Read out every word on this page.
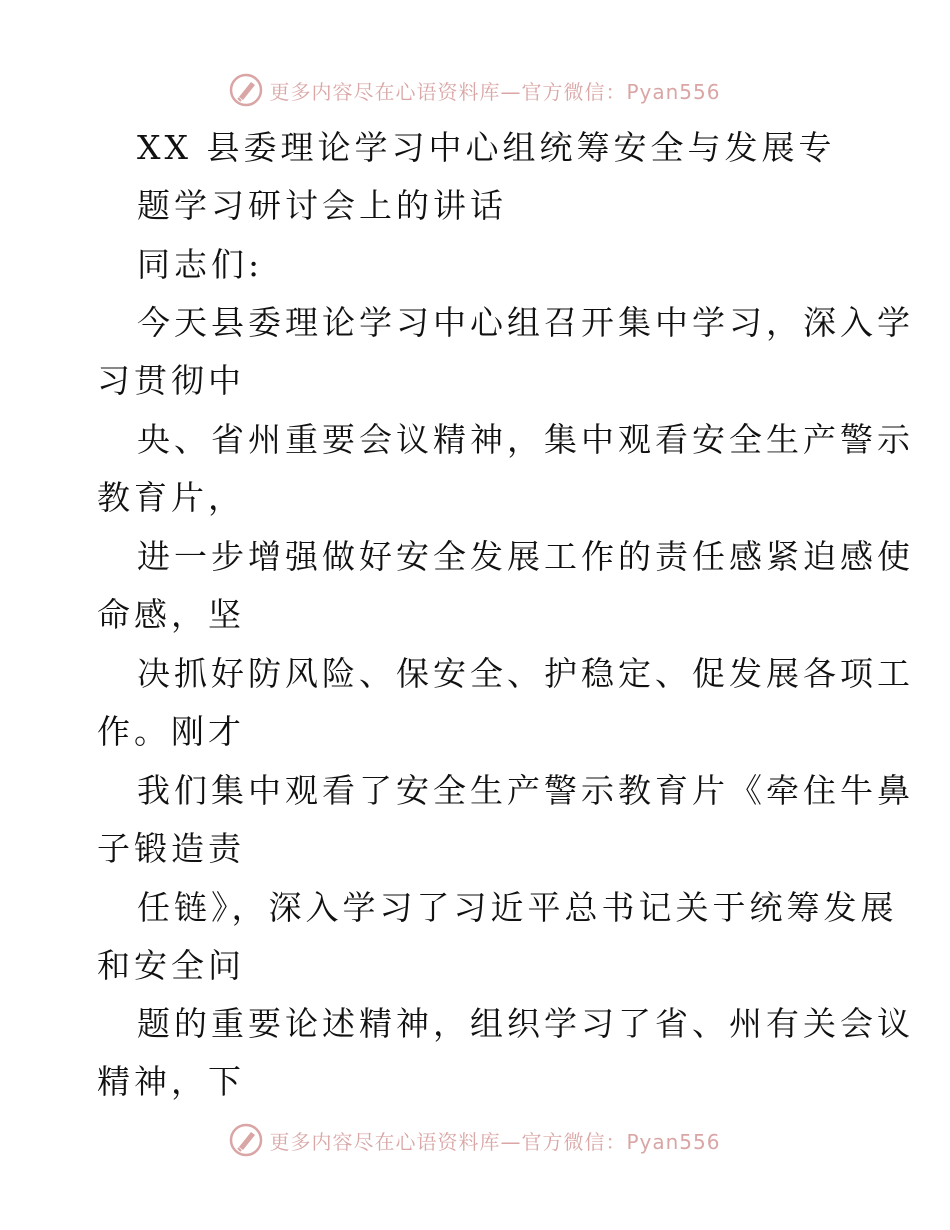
更多内容尽在心语资料库—官方微信：Pyan556
XX 县委理论学习中心组统筹安全与发展专
题学习研讨会上的讲话
同志们:
今天县委理论学习中心组召开集中学习，深入学
习贯彻中
央、省州重要会议精神，集中观看安全生产警示
教育片，
进一步增强做好安全发展工作的责任感紧迫感使
命感，坚
决抓好防风险、保安全、护稳定、促发展各项工
作。刚才
我们集中观看了安全生产警示教育片《牵住牛鼻
子锻造责
任链》，深入学习了习近平总书记关于统筹发展
和安全问
题的重要论述精神，组织学习了省、州有关会议
精神，下
更多内容尽在心语资料库—官方微信：Pyan556
